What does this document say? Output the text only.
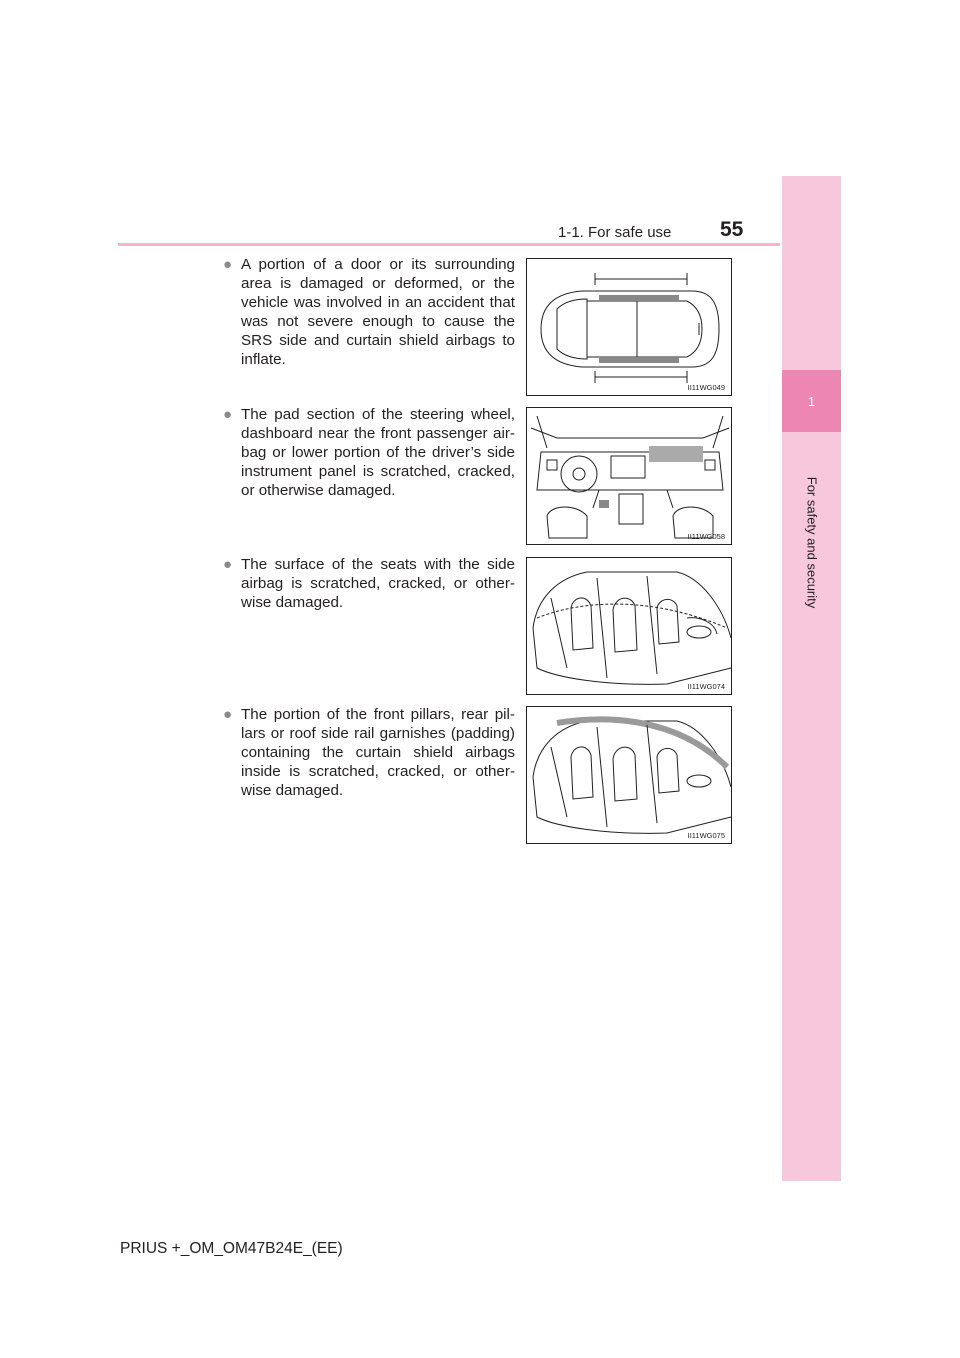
1-1. For safe use 55
1
For safety and security
● A portion of a door or its surrounding area is damaged or deformed, or the vehicle was involved in an accident that was not severe enough to cause the SRS side and curtain shield airbags to inflate.
II11WG049
● The pad section of the steering wheel, dashboard near the front passenger air-bag or lower portion of the driver’s side instrument panel is scratched, cracked, or otherwise damaged.
II11WG058
● The surface of the seats with the side airbag is scratched, cracked, or other-wise damaged.
II11WG074
● The portion of the front pillars, rear pil-lars or roof side rail garnishes (padding) containing the curtain shield airbags inside is scratched, cracked, or other-wise damaged.
II11WG075
PRIUS +_OM_OM47B24E_(EE)
